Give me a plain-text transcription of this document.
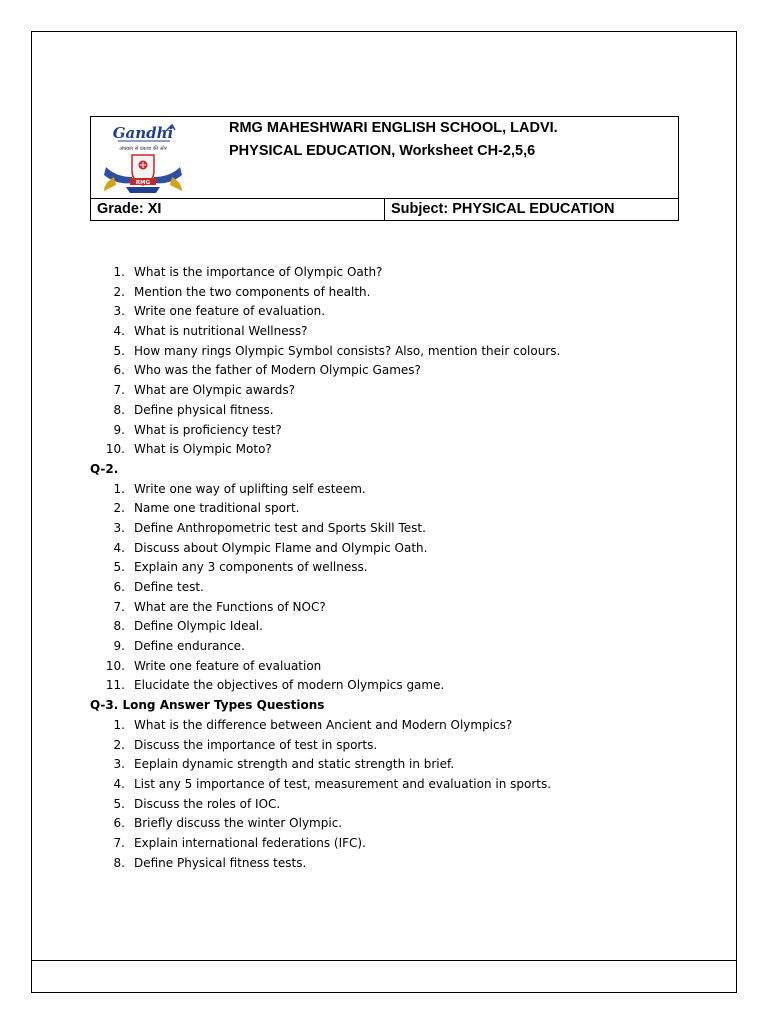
Gandhi
अंधकार से प्रकाश की ओर
RMG
RMG MAHESHWARI ENGLISH SCHOOL, LADVI.
PHYSICAL EDUCATION, Worksheet CH-2,5,6
Grade: XI	Subject: PHYSICAL EDUCATION
1. What is the importance of Olympic Oath?
2. Mention the two components of health.
3. Write one feature of evaluation.
4. What is nutritional Wellness?
5. How many rings Olympic Symbol consists? Also, mention their colours.
6. Who was the father of Modern Olympic Games?
7. What are Olympic awards?
8. Define physical fitness.
9. What is proficiency test?
10. What is Olympic Moto?
Q-2.
1. Write one way of uplifting self esteem.
2. Name one traditional sport.
3. Define Anthropometric test and Sports Skill Test.
4. Discuss about Olympic Flame and Olympic Oath.
5. Explain any 3 components of wellness.
6. Define test.
7. What are the Functions of NOC?
8. Define Olympic Ideal.
9. Define endurance.
10. Write one feature of evaluation
11. Elucidate the objectives of modern Olympics game.
Q-3. Long Answer Types Questions
1. What is the difference between Ancient and Modern Olympics?
2. Discuss the importance of test in sports.
3. Eeplain dynamic strength and static strength in brief.
4. List any 5 importance of test, measurement and evaluation in sports.
5. Discuss the roles of IOC.
6. Briefly discuss the winter Olympic.
7. Explain international federations (IFC).
8. Define Physical fitness tests.
